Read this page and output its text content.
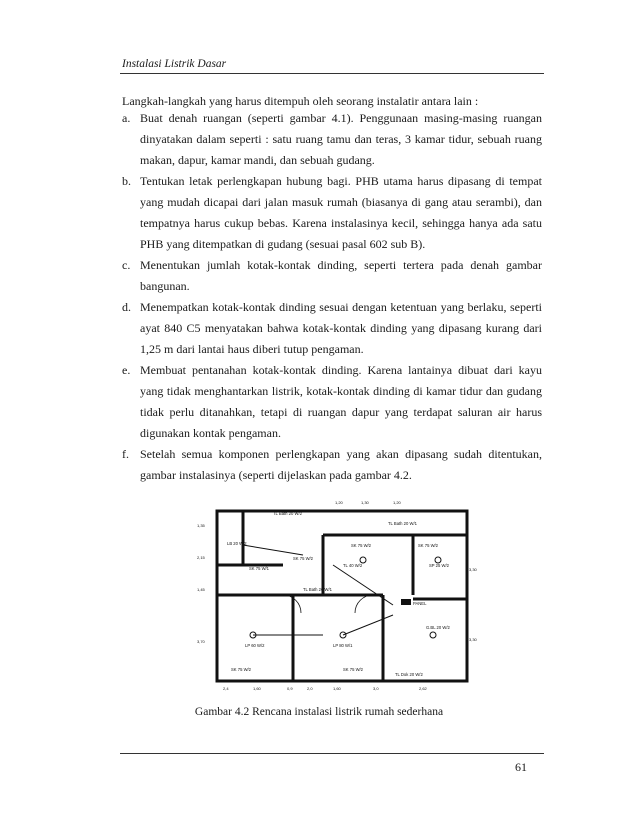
Instalasi Listrik Dasar
Langkah-langkah yang harus ditempuh oleh seorang instalatir antara lain :
a. Buat denah ruangan (seperti gambar 4.1). Penggunaan masing-masing ruangan dinyatakan dalam seperti : satu ruang tamu dan teras, 3 kamar tidur, sebuah ruang makan, dapur, kamar mandi, dan sebuah gudang.
b. Tentukan letak perlengkapan hubung bagi. PHB utama harus dipasang di tempat yang mudah dicapai dari jalan masuk rumah (biasanya di gang atau serambi), dan tempatnya harus cukup bebas. Karena instalasinya kecil, sehingga hanya ada satu PHB yang ditempatkan di gudang (sesuai pasal 602 sub B).
c. Menentukan jumlah kotak-kontak dinding, seperti tertera pada denah gambar bangunan.
d. Menempatkan kotak-kontak dinding sesuai dengan ketentuan yang berlaku, seperti ayat 840 C5 menyatakan bahwa kotak-kontak dinding yang dipasang kurang dari 1,25 m dari lantai haus diberi tutup pengaman.
e. Membuat pentanahan kotak-kontak dinding. Karena lantainya dibuat dari kayu yang tidak menghantarkan listrik, kotak-kontak dinding di kamar tidur dan gudang tidak perlu ditanahkan, tetapi di ruangan dapur yang terdapat saluran air harus digunakan kontak pengaman.
f. Setelah semua komponen perlengkapan yang akan dipasang sudah ditentukan, gambar instalasinya (seperti dijelaskan pada gambar 4.2.
TL Bath 20 W/2
TL Bath 20 W/1
LB 20 W/2
SK 75 W/1
SK 75 W/2
TL 40 W/2	SP 25 W/2
SK 75 W/2
SK 75 W/2
TL Bath 20 W/1
PANEL
G.BL 20 W/2
LP 60 W/2	LP 80 W/1
SK 75 W/2	SK 75 W/2
TL Dok 20 W/2
1,20	1,30	1,20
2,4	1,60	0,9	2,0	1,60	3,0	2,62
1,35
2,15
1,45
3,70
3,30
3,30
Gambar 4.2 Rencana instalasi listrik rumah sederhana
61
